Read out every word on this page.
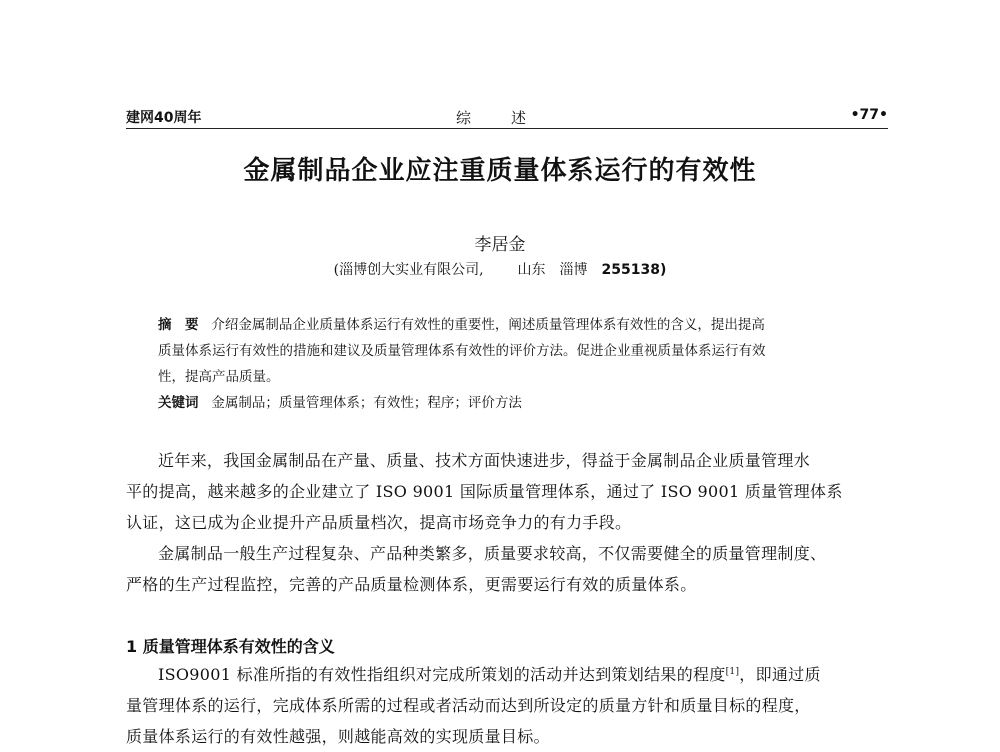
建网40周年	综述	•77•
金属制品企业应注重质量体系运行的有效性
李居金
(淄博创大实业有限公司, 山东　淄博　 255138)
摘　要 介绍金属制品企业质量体系运行有效性的重要性，阐述质量管理体系有效性的含义，提出提高
质量体系运行有效性的措施和建议及质量管理体系有效性的评价方法。促进企业重视质量体系运行有效
性，提高产品质量。
关键词 金属制品；质量管理体系；有效性；程序；评价方法
近年来，我国金属制品在产量、质量、技术方面快速进步，得益于金属制品企业质量管理水
平的提高，越来越多的企业建立了 ISO 9001 国际质量管理体系，通过了 ISO 9001 质量管理体系
认证，这已成为企业提升产品质量档次，提高市场竞争力的有力手段。
金属制品一般生产过程复杂、产品种类繁多，质量要求较高，不仅需要健全的质量管理制度、
严格的生产过程监控，完善的产品质量检测体系，更需要运行有效的质量体系。
1 质量管理体系有效性的含义
ISO9001 标准所指的有效性指组织对完成所策划的活动并达到策划结果的程度[1]，即通过质
量管理体系的运行，完成体系所需的过程或者活动而达到所设定的质量方针和质量目标的程度，
质量体系运行的有效性越强，则越能高效的实现质量目标。
